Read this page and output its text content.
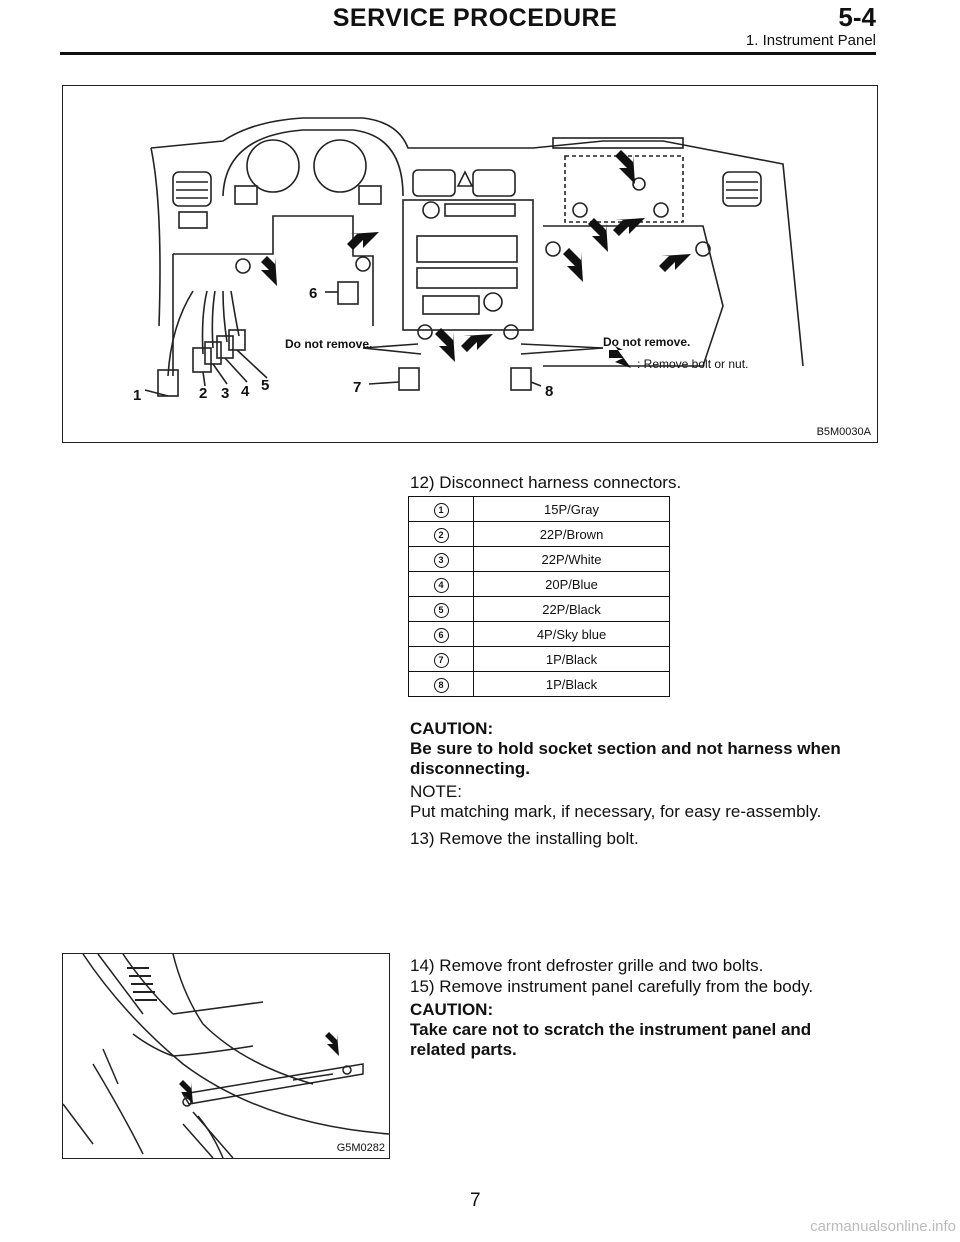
SERVICE PROCEDURE	5-4
1. Instrument Panel
1	2 3 4 5
6
7	8
Do not remove.	Do not remove.
: Remove bolt or nut.
B5M0030A
12) Disconnect harness connectors.
1	15P/Gray
2	22P/Brown
3	22P/White
4	20P/Blue
5	22P/Black
6	4P/Sky blue
7	1P/Black
8	1P/Black
CAUTION:
Be sure to hold socket section and not harness when disconnecting.
NOTE:
Put matching mark, if necessary, for easy re-assembly.
13) Remove the installing bolt.
G5M0282
14) Remove front defroster grille and two bolts.
15) Remove instrument panel carefully from the body.
CAUTION:
Take care not to scratch the instrument panel and related parts.
7
carmanualsonline.info
